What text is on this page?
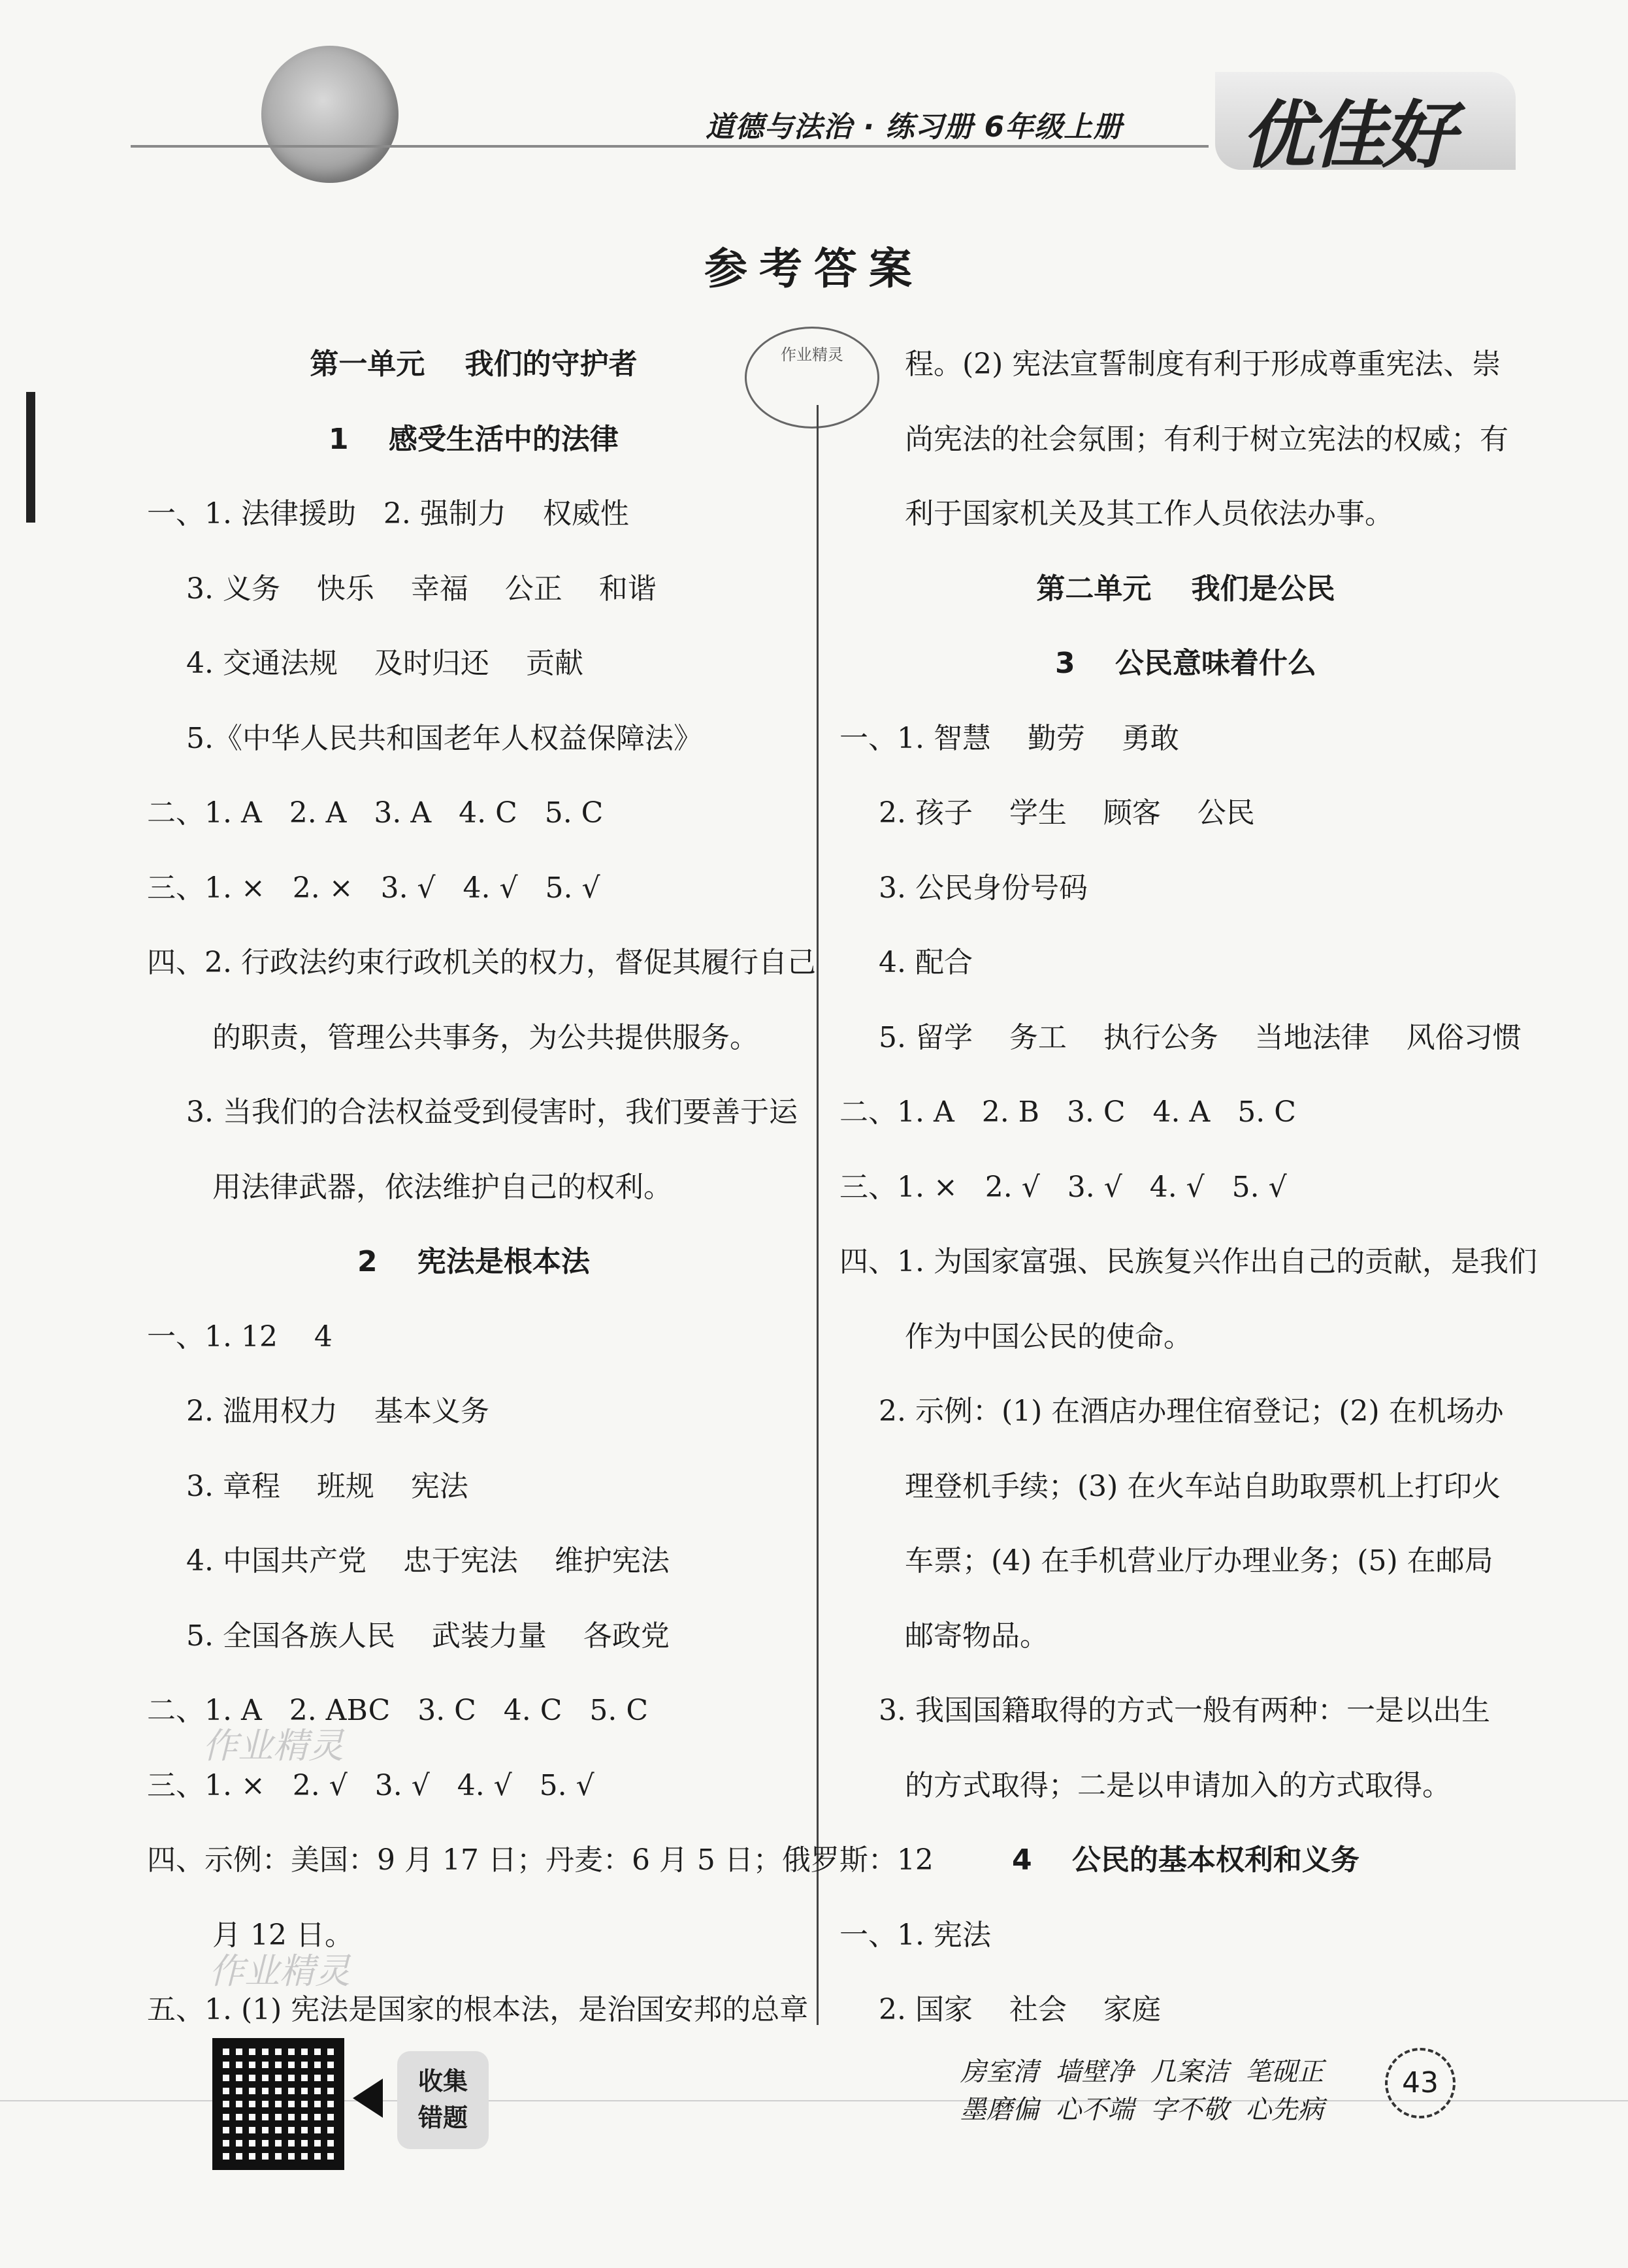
道德与法治 · 练习册 6年级上册 优佳好
参考答案
作业精灵
第一单元    我们的守护者
1    感受生活中的法律
一、1. 法律援助   2. 强制力    权威性
3. 义务    快乐    幸福    公正    和谐
4. 交通法规    及时归还    贡献
5.《中华人民共和国老年人权益保障法》
二、1. A   2. A   3. A   4. C   5. C
三、1. ×   2. ×   3. √   4. √   5. √
四、2. 行政法约束行政机关的权力，督促其履行自己
的职责，管理公共事务，为公共提供服务。
3. 当我们的合法权益受到侵害时，我们要善于运
用法律武器，依法维护自己的权利。
2    宪法是根本法
一、1. 12    4
2. 滥用权力    基本义务
3. 章程    班规    宪法
4. 中国共产党    忠于宪法    维护宪法
5. 全国各族人民    武装力量    各政党
二、1. A   2. ABC   3. C   4. C   5. C
三、1. ×   2. √   3. √   4. √   5. √
四、示例：美国：9 月 17 日；丹麦：6 月 5 日；俄罗斯：12
月 12 日。
五、1. (1) 宪法是国家的根本法，是治国安邦的总章
程。(2) 宪法宣誓制度有利于形成尊重宪法、崇
尚宪法的社会氛围；有利于树立宪法的权威；有
利于国家机关及其工作人员依法办事。
第二单元    我们是公民
3    公民意味着什么
一、1. 智慧    勤劳    勇敢
2. 孩子    学生    顾客    公民
3. 公民身份号码
4. 配合
5. 留学    务工    执行公务    当地法律    风俗习惯
二、1. A   2. B   3. C   4. A   5. C
三、1. ×   2. √   3. √   4. √   5. √
四、1. 为国家富强、民族复兴作出自己的贡献，是我们
作为中国公民的使命。
2. 示例：(1) 在酒店办理住宿登记；(2) 在机场办
理登机手续；(3) 在火车站自助取票机上打印火
车票；(4) 在手机营业厅办理业务；(5) 在邮局
邮寄物品。
3. 我国国籍取得的方式一般有两种：一是以出生
的方式取得；二是以申请加入的方式取得。
4    公民的基本权利和义务
一、1. 宪法
2. 国家    社会    家庭
作业精灵
作业精灵
收集
错题
房室清  墙壁净  几案洁  笔砚正
墨磨偏  心不端  字不敬  心先病
43
